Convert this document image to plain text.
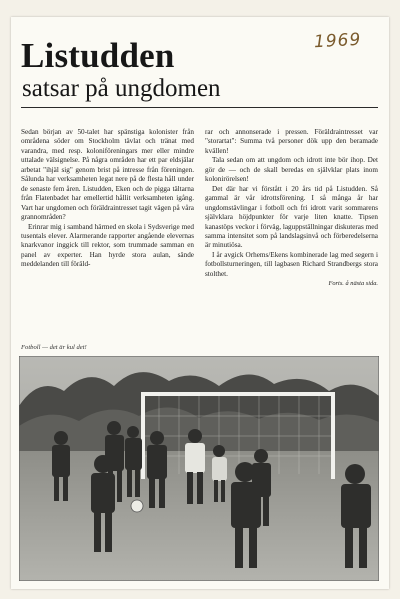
1969
Listudden
satsar på ungdomen

Sedan början av 50-talet har spänstiga kolonister från områdena söder om Stockholm tävlat och tränat med varandra, med resp. koloniföreningars mer eller mindre uttalade välsignelse. På några områden har ett par eldsjälar arbetat "ihjäl sig" genom brist på intresse från föreningen. Sålunda har verksamheten legat nere på de flesta håll under de senaste fem åren. Listudden, Eken och de pigga tältarna från Flatenbadet har emellertid hållit verksamheten igång. Vart har ungdomen och föräldraintresset tagit vägen på våra grannområden?

Erinrar mig i samband härmed en skola i Sydsverige med tusentals elever. Alarmerande rapporter angående elevernas knarkvanor inggick till rektor, som trummade samman en panel av experter. Han hyrde stora aulan, sände meddelanden till föräld-

rar och annonserade i pressen. Föräldraintresset var "storartat": Summa två personer dök upp den beramade kvällen!

Tala sedan om att ungdom och idrott inte bör ihop. Det gör de — och de skall beredas en självklar plats inom kolonirörelsen!

Det där har vi förstått i 20 års tid på Listudden. Så gammal är vår idrottsförening. I så många år har ungdomstävlingar i fotboll och fri idrott varit sommarens självklara höjdpunkter för varje liten knatte. Tipsen kanastöps veckor i förväg, laguppställningar diskuteras med samma intensitet som på landslagsinvå och förberedelserna är minutiösa.

I år avgick Orhems/Ekens kombinerade lag med segern i fotbollsturneringen, till lagbasen Richard Strandbergs stora stolthet.

Forts. å nästa sida.
Fotboll — det är kul det!
